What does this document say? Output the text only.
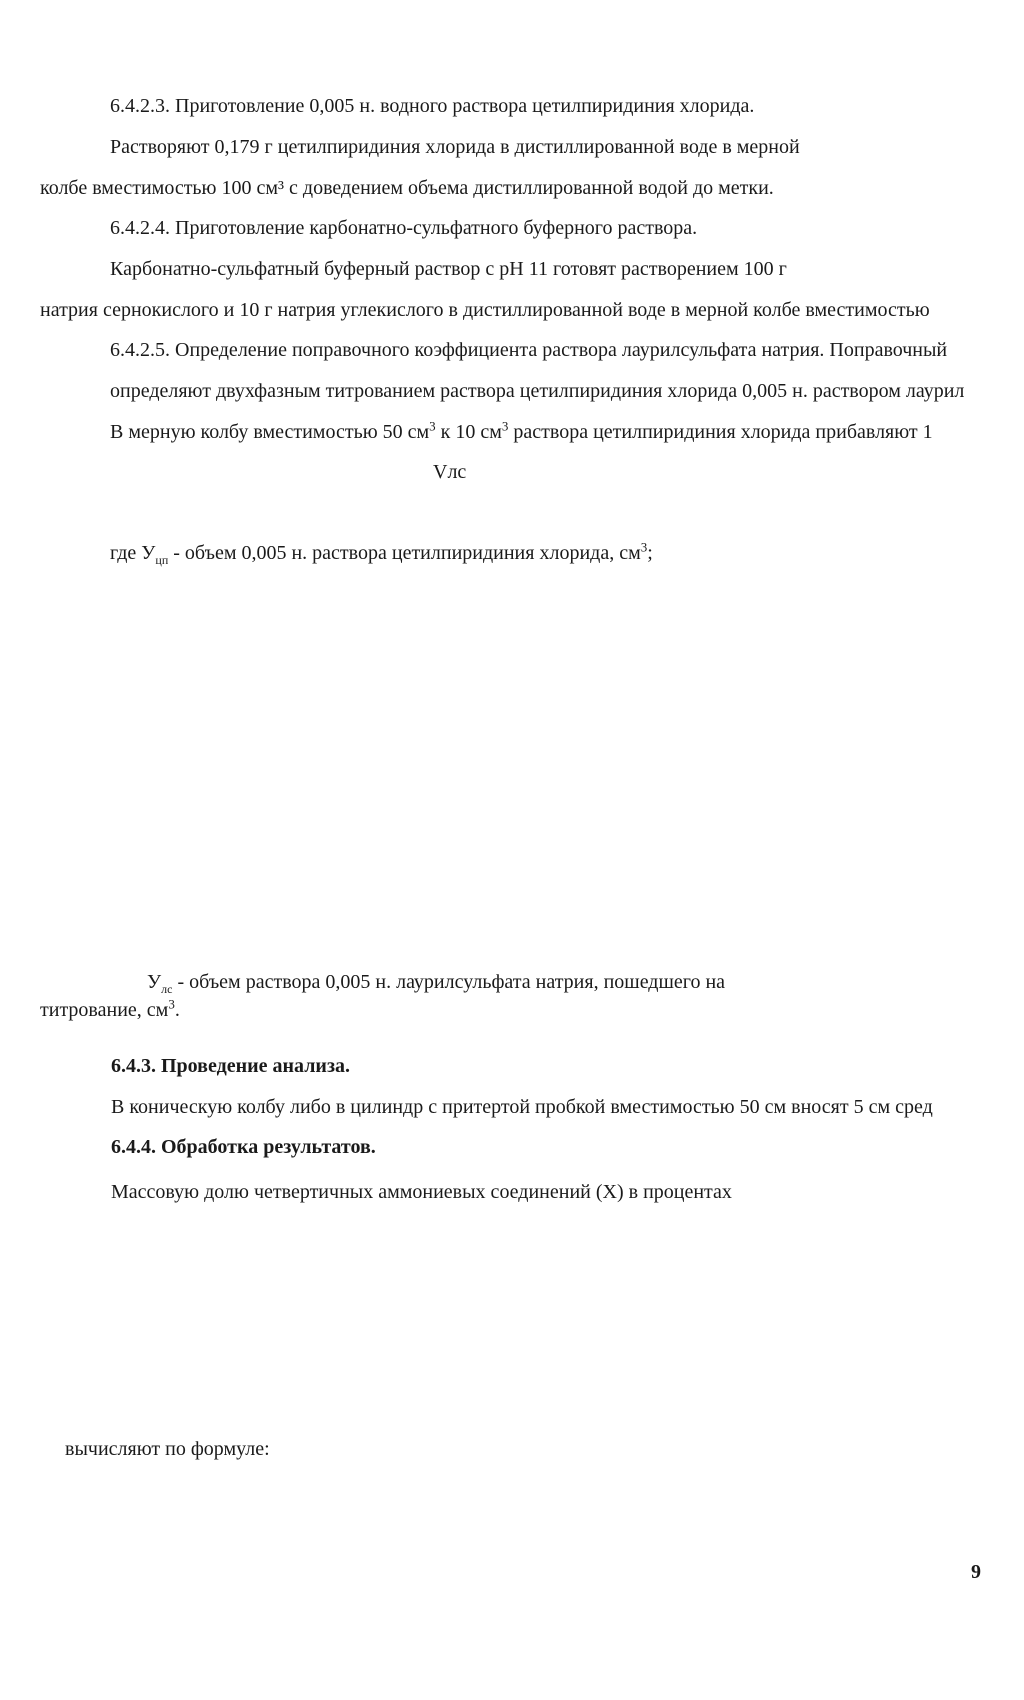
6.4.2.3. Приготовление 0,005 н. водного раствора цетилпиридиния хлорида.
Растворяют 0,179 г цетилпиридиния хлорида в дистиллированной воде в мерной
колбе вместимостью 100 см³ с доведением объема дистиллированной водой до метки.
6.4.2.4. Приготовление карбонатно-сульфатного буферного раствора.
Карбонатно-сульфатный буферный раствор с рН 11 готовят растворением 100 г
натрия сернокислого и 10 г натрия углекислого в дистиллированной воде в мерной колбе вместимостью
6.4.2.5. Определение поправочного коэффициента раствора лаурилсульфата натрия. Поправочный
определяют двухфазным титрованием раствора цетилпиридиния хлорида 0,005 н. раствором лаурил
В мерную колбу вместимостью 50 $см^3$ к 10 $см^3$ раствора цетилпиридиния хлорида прибавляют 1
Vлс
где $У_{цп}$ - объем 0,005 н. раствора цетилпиридиния хлорида, $см^3$;
$У_{лс}$ - объем раствора 0,005 н. лаурилсульфата натрия, пошедшего на
титрование, $см^3$.
6.4.3. Проведение анализа.
В коническую колбу либо в цилиндр с притертой пробкой вместимостью 50 см вносят 5 см сред
6.4.4. Обработка результатов.
Массовую долю четвертичных аммониевых соединений (X) в процентах
вычисляют по формуле:
9
